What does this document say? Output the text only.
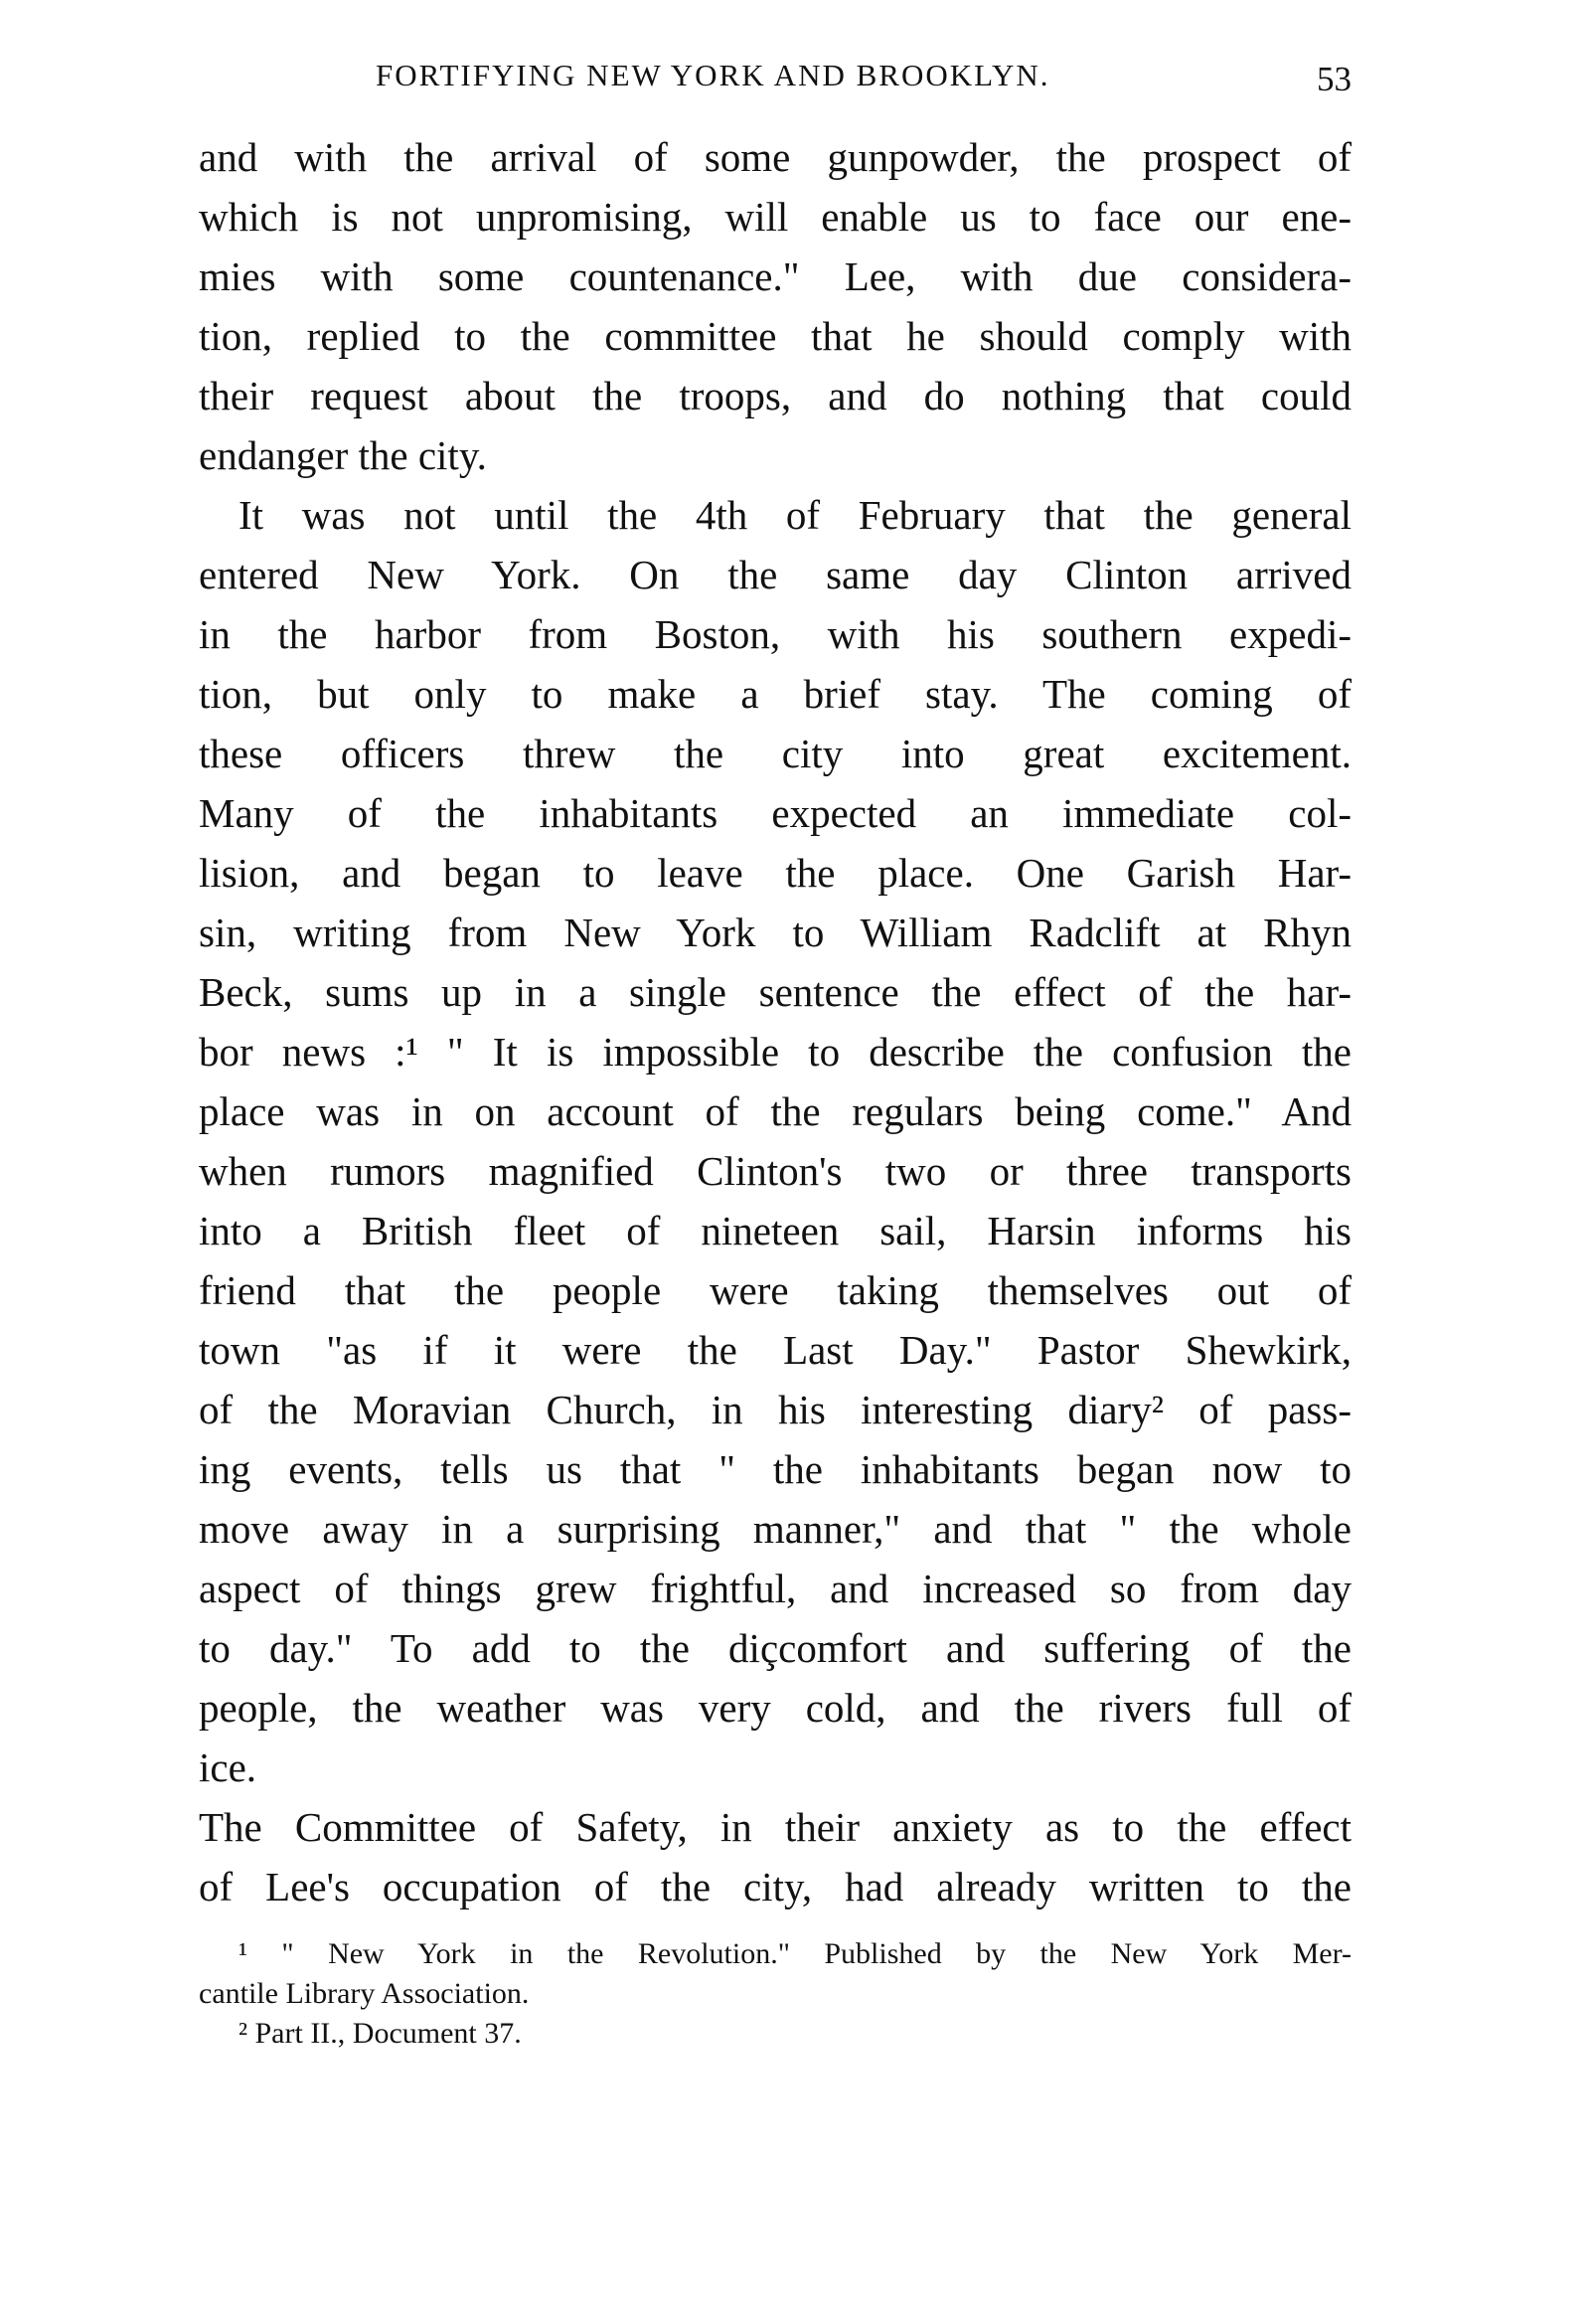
FORTIFYING NEW YORK AND BROOKLYN.	53
and with the arrival of some gunpowder, the prospect of
which is not unpromising, will enable us to face our ene-
mies with some countenance." Lee, with due considera-
tion, replied to the committee that he should comply with
their request about the troops, and do nothing that could
endanger the city.
It was not until the 4th of February that the general
entered New York. On the same day Clinton arrived
in the harbor from Boston, with his southern expedi-
tion, but only to make a brief stay. The coming of
these officers threw the city into great excitement.
Many of the inhabitants expected an immediate col-
lision, and began to leave the place. One Garish Har-
sin, writing from New York to William Radclift at Rhyn
Beck, sums up in a single sentence the effect of the har-
bor news :¹ " It is impossible to describe the confusion the
place was in on account of the regulars being come." And
when rumors magnified Clinton's two or three transports
into a British fleet of nineteen sail, Harsin informs his
friend that the people were taking themselves out of
town "as if it were the Last Day." Pastor Shewkirk,
of the Moravian Church, in his interesting diary² of pass-
ing events, tells us that " the inhabitants began now to
move away in a surprising manner," and that " the whole
aspect of things grew frightful, and increased so from day
to day." To add to the diçcomfort and suffering of the
people, the weather was very cold, and the rivers full of
ice.
The Committee of Safety, in their anxiety as to the effect
of Lee's occupation of the city, had already written to the
¹ " New York in the Revolution." Published by the New York Mer-
cantile Library Association.
² Part II., Document 37.
